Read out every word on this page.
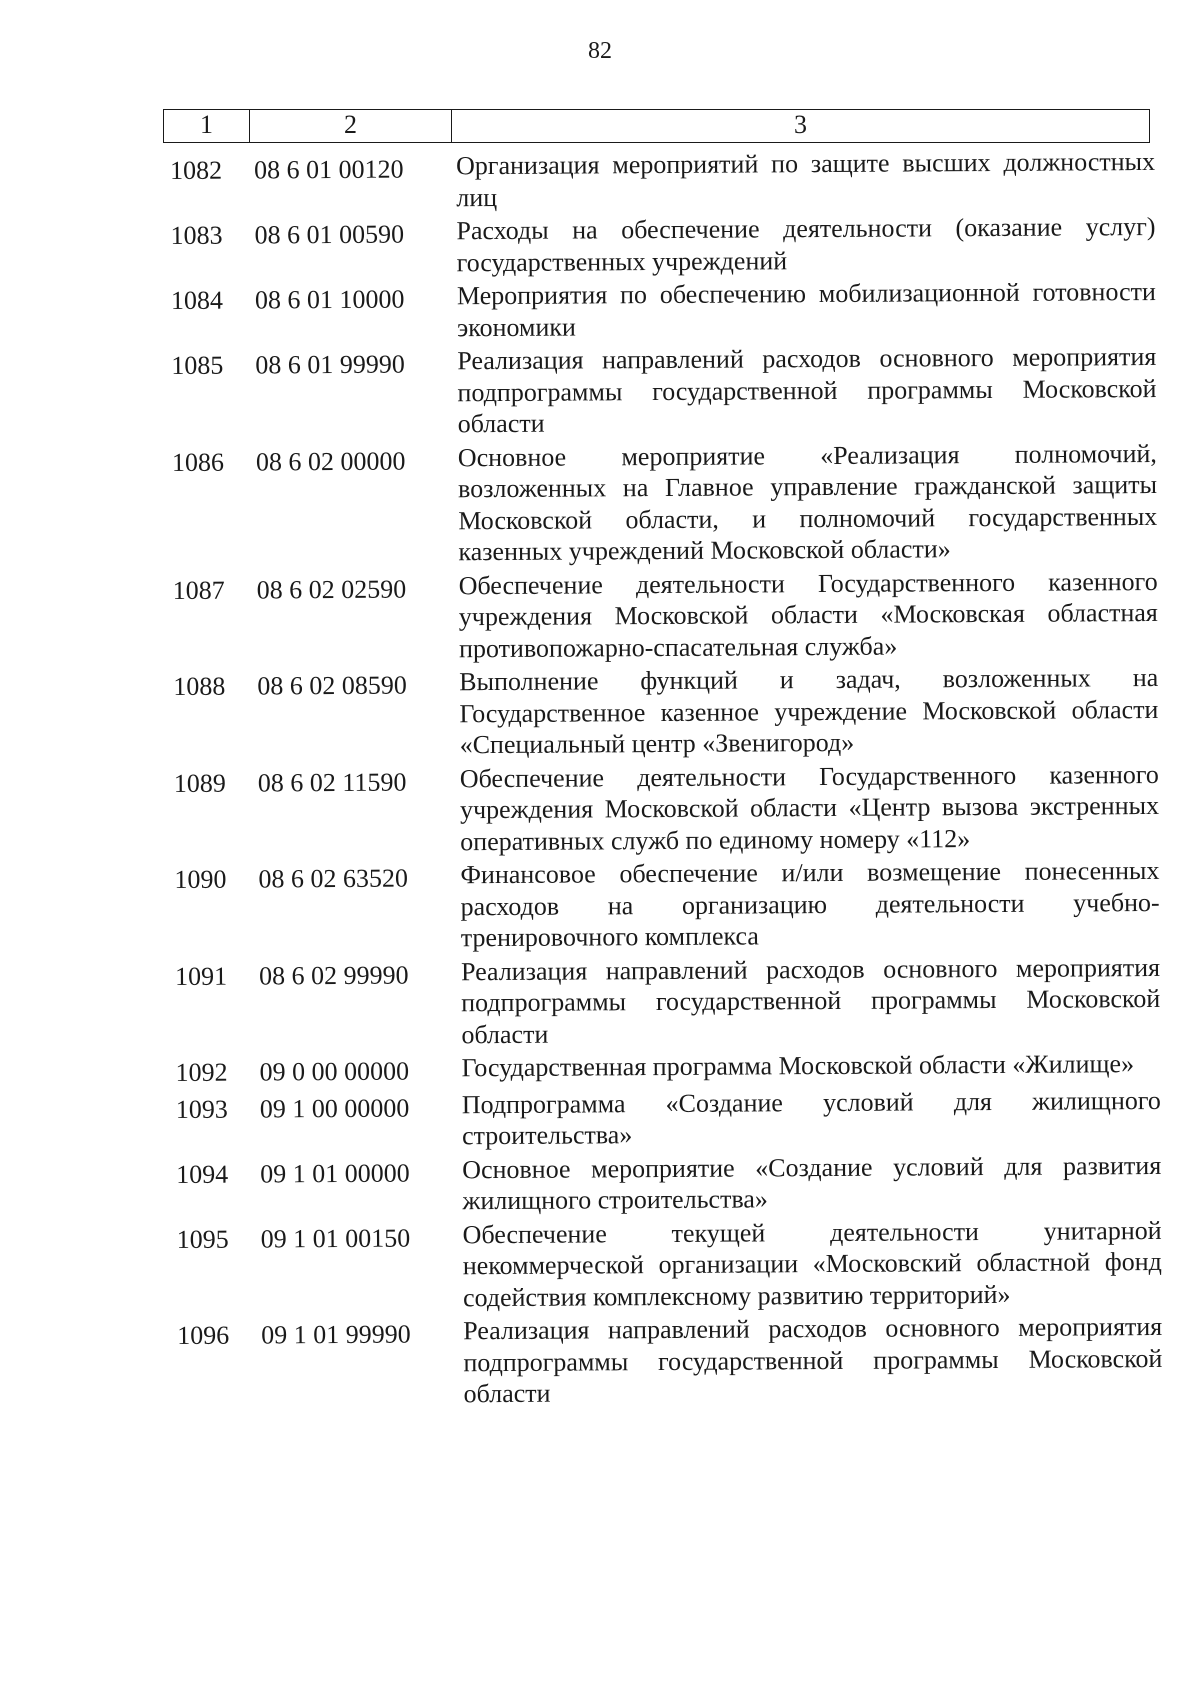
82
1	2	3
1082	08 6 01 00120	Организация мероприятий по защите высших должностных лиц
1083	08 6 01 00590	Расходы на обеспечение деятельности (оказание услуг) государственных учреждений
1084	08 6 01 10000	Мероприятия по обеспечению мобилизационной готовности экономики
1085	08 6 01 99990	Реализация направлений расходов основного мероприятия подпрограммы государственной программы Московской области
1086	08 6 02 00000	Основное мероприятие «Реализация полномочий, возложенных на Главное управление гражданской защиты Московской области, и полномочий государственных казенных учреждений Московской области»
1087	08 6 02 02590	Обеспечение деятельности Государственного казенного учреждения Московской области «Московская областная противопожарно-спасательная служба»
1088	08 6 02 08590	Выполнение функций и задач, возложенных на Государственное казенное учреждение Московской области «Специальный центр «Звенигород»
1089	08 6 02 11590	Обеспечение деятельности Государственного казенного учреждения Московской области «Центр вызова экстренных оперативных служб по единому номеру «112»
1090	08 6 02 63520	Финансовое обеспечение и/или возмещение понесенных расходов на организацию деятельности учебно-тренировочного комплекса
1091	08 6 02 99990	Реализация направлений расходов основного мероприятия подпрограммы государственной программы Московской области
1092	09 0 00 00000	Государственная программа Московской области «Жилище»
1093	09 1 00 00000	Подпрограмма «Создание условий для жилищного строительства»
1094	09 1 01 00000	Основное мероприятие «Создание условий для развития жилищного строительства»
1095	09 1 01 00150	Обеспечение текущей деятельности унитарной некоммерческой организации «Московский областной фонд содействия комплексному развитию территорий»
1096	09 1 01 99990	Реализация направлений расходов основного мероприятия подпрограммы государственной программы Московской области
